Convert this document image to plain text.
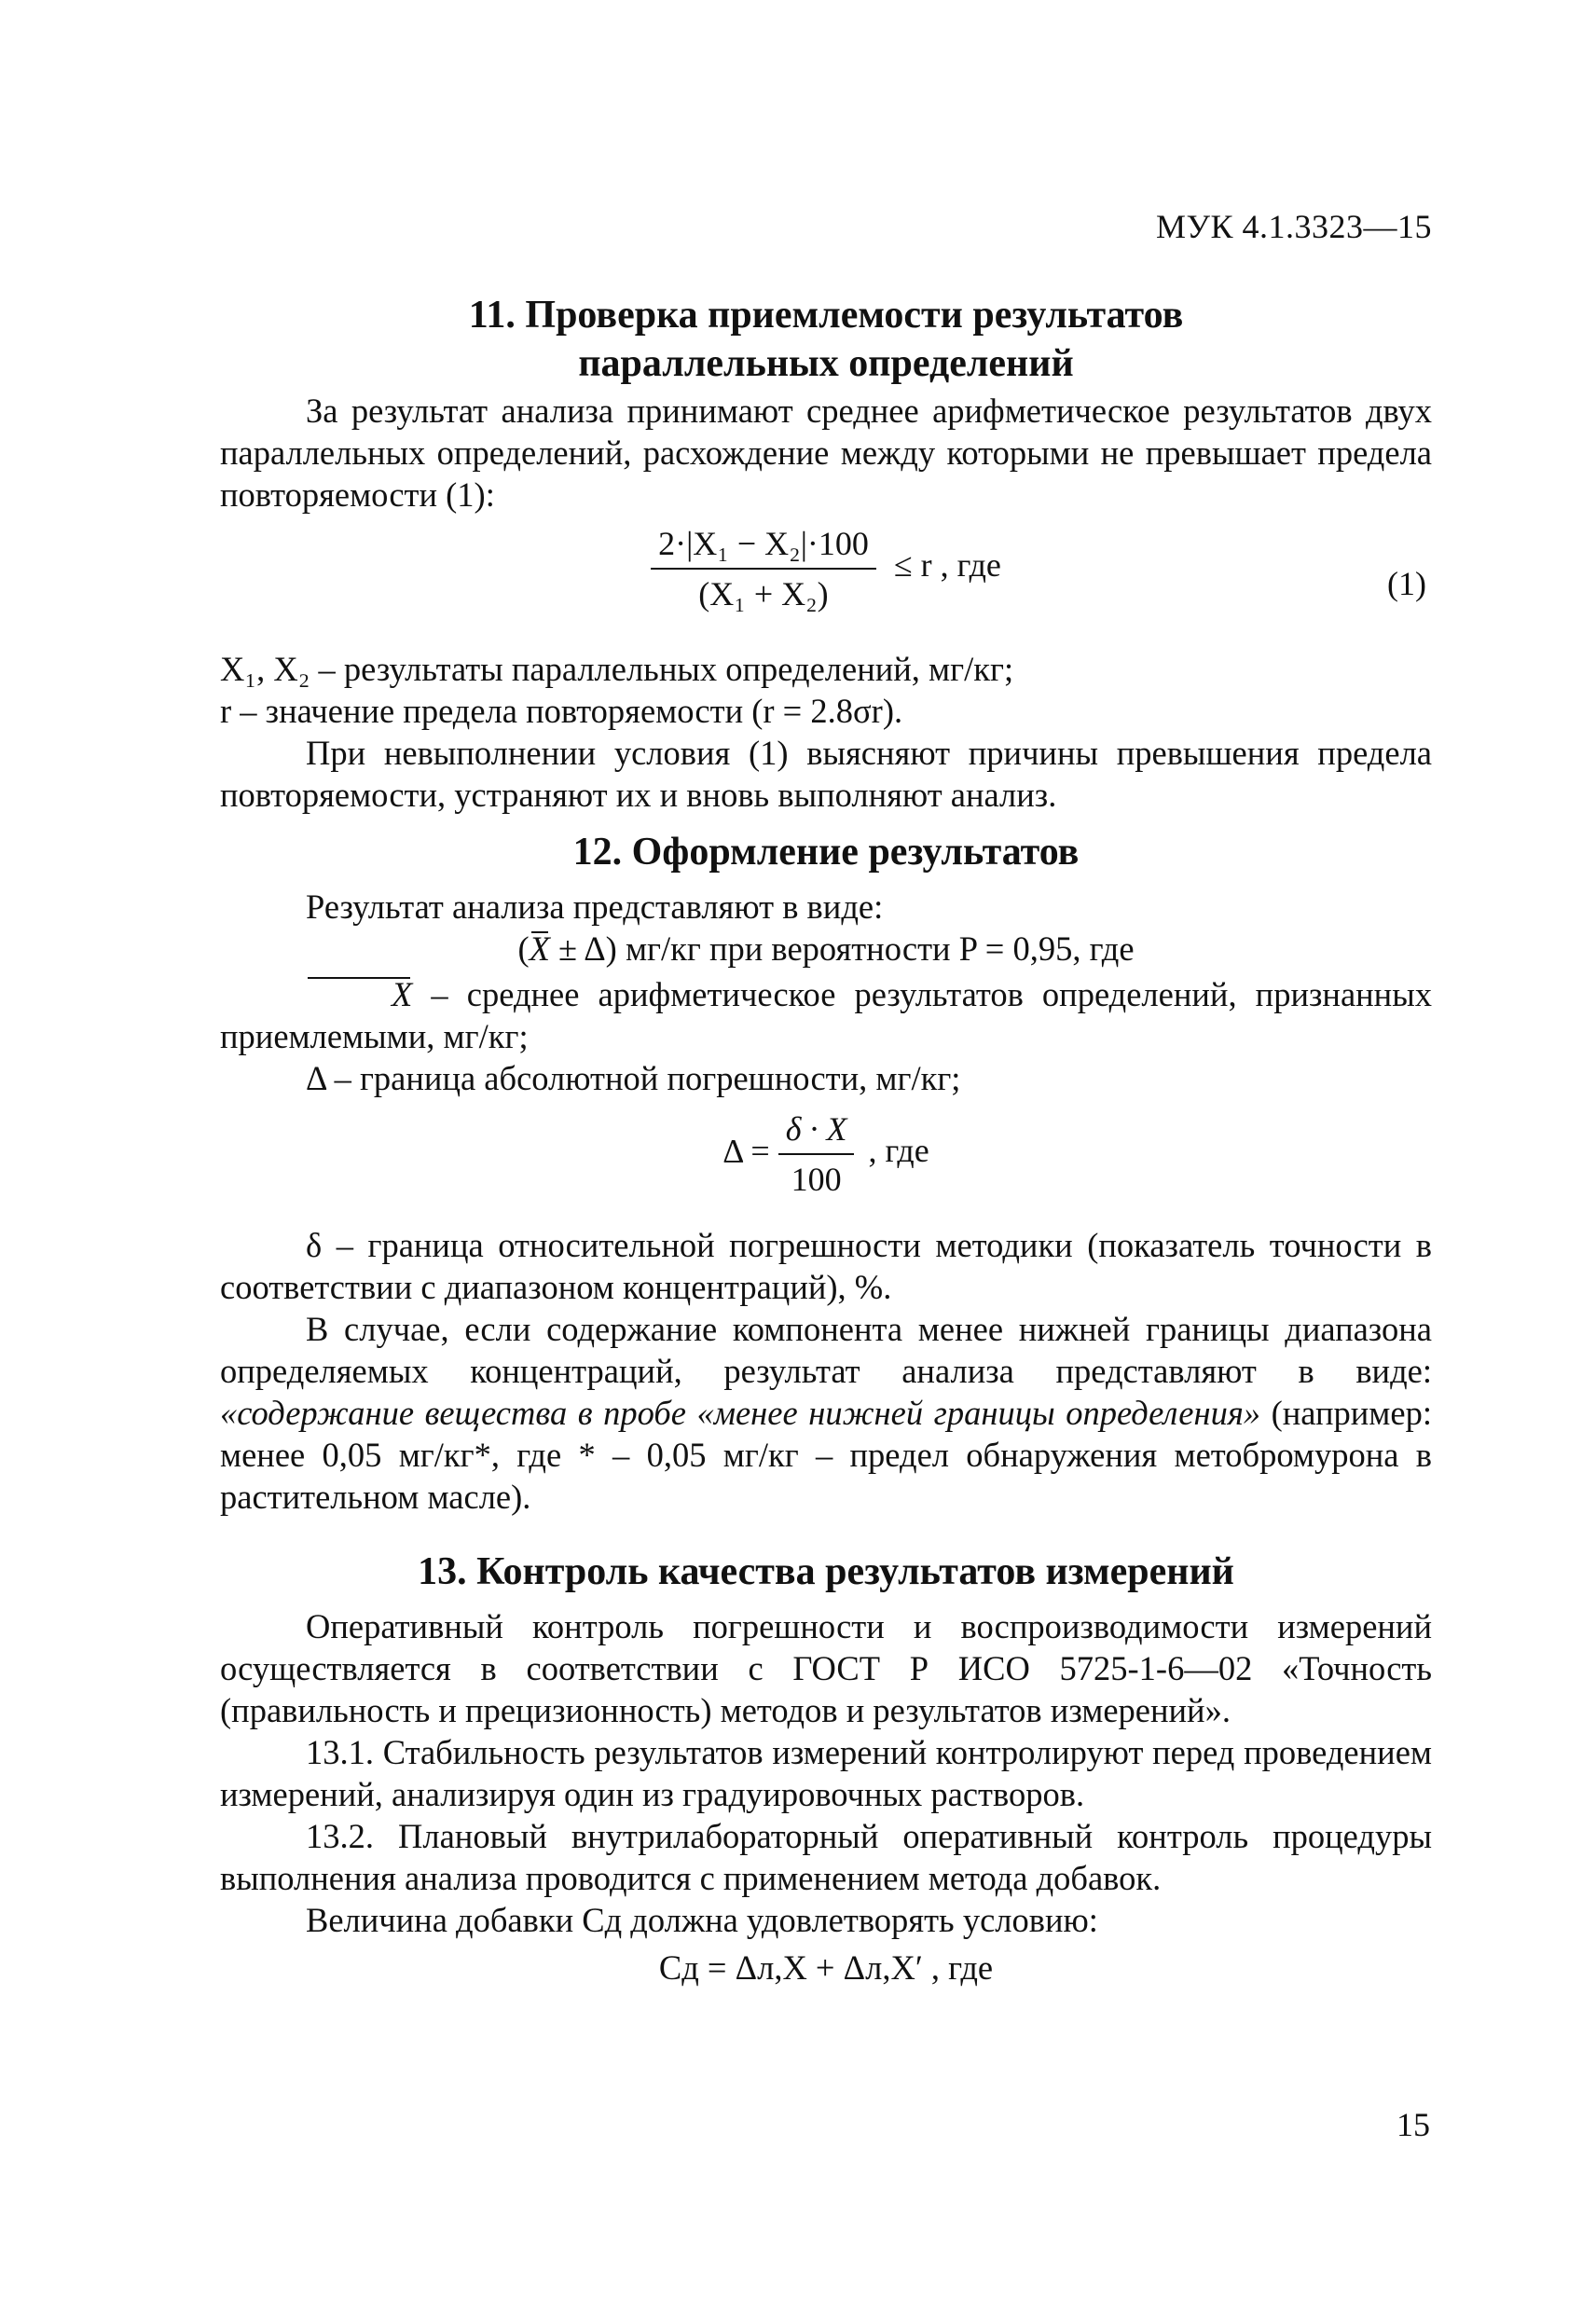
МУК 4.1.3323—15
11. Проверка приемлемости результатов
параллельных определений

За результат анализа принимают среднее арифметическое результатов двух параллельных определений, расхождение между которыми не превышает предела повторяемости (1):

$\frac{\text{2·|X₁ − X₂|·100}}{\text{(X₁ + X₂)}} \le r$ , где	(1)

X₁, X₂ – результаты параллельных определений, мг/кг;

r – значение предела повторяемости (r = 2.8σr).

При невыполнении условия (1) выясняют причины превышения предела повторяемости, устраняют их и вновь выполняют анализ.

12. Оформление результатов

Результат анализа представляют в виде:

(X ± Δ) мг/кг при вероятности P = 0,95, где

X – среднее арифметическое результатов определений, признанных приемлемыми, мг/кг;

Δ – граница абсолютной погрешности, мг/кг;

$\Delta = \frac{\delta \cdot X}{100}$ , где

δ – граница относительной погрешности методики (показатель точности в соответствии с диапазоном концентраций), %.

В случае, если содержание компонента менее нижней границы диапазона определяемых концентраций, результат анализа представляют в виде: «содержание вещества в пробе «менее нижней границы определения» (например: менее 0,05 мг/кг*, где * – 0,05 мг/кг – предел обнаружения метобромурона в растительном масле).

13. Контроль качества результатов измерений

Оперативный контроль погрешности и воспроизводимости измерений осуществляется в соответствии с ГОСТ Р ИСО 5725-1-6—02 «Точность (правильность и прецизионность) методов и результатов измерений».

13.1. Стабильность результатов измерений контролируют перед проведением измерений, анализируя один из градуировочных растворов.

13.2. Плановый внутрилабораторный оперативный контроль процедуры выполнения анализа проводится с применением метода добавок.

Величина добавки Cд должна удовлетворять условию:

Cд = Δл,X + Δл,X′ , где

15
